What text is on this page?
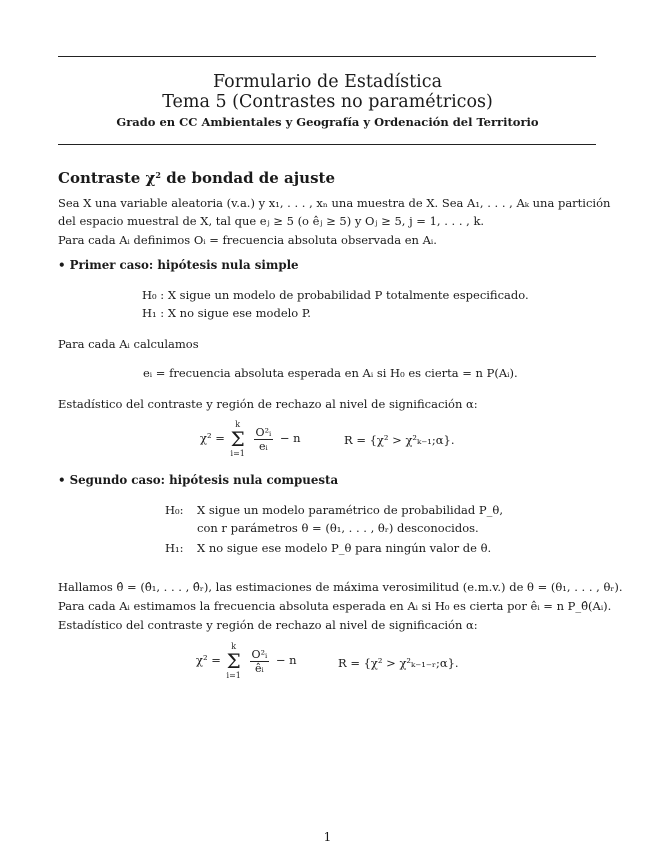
Formulario de Estadística
Tema 5 (Contrastes no paramétricos)
Grado en CC Ambientales y Geografía y Ordenación del Territorio
Contraste $\chi^2$ de bondad de ajuste
Sea X una variable aleatoria (v.a.) y x₁, . . . , xₙ una muestra de X. Sea A₁, . . . , Aₖ una partición
del espacio muestral de X, tal que eⱼ ≥ 5 (o êⱼ ≥ 5) y Oⱼ ≥ 5, j = 1, . . . , k.
Para cada Aᵢ definimos Oᵢ = frecuencia absoluta observada en Aᵢ.
• Primer caso: hipótesis nula simple
H₀ : X sigue un modelo de probabilidad P totalmente especificado.
H₁ : X no sigue ese modelo P.
Para cada Aᵢ calculamos
eᵢ = frecuencia absoluta esperada en Aᵢ si H₀ es cierta = n P(Aᵢ).
Estadístico del contraste y región de rechazo al nivel de significación α:
χ² =
k
Σ
i=1

$\frac{\text{O²ᵢ}}{\text{eᵢ}} - n$	R = {χ² > χ²ₖ₋₁;α}.
• Segundo caso: hipótesis nula compuesta
H₀: X sigue un modelo paramétrico de probabilidad P_θ,
con r parámetros θ = (θ₁, . . . , θᵣ) desconocidos.
H₁: X no sigue ese modelo P_θ para ningún valor de θ.
Hallamos θ̂ = (θ̂₁, . . . , θ̂ᵣ), las estimaciones de máxima verosimilitud (e.m.v.) de θ = (θ₁, . . . , θᵣ).
Para cada Aᵢ estimamos la frecuencia absoluta esperada en Aᵢ si H₀ es cierta por êᵢ = n P_θ̂(Aᵢ).
Estadístico del contraste y región de rechazo al nivel de significación α:
χ² =
k
Σ
i=1

$\frac{\text{O²ᵢ}}{\text{êᵢ}} - n$	R = {χ² > χ²ₖ₋₁₋ᵣ;α}.
1
